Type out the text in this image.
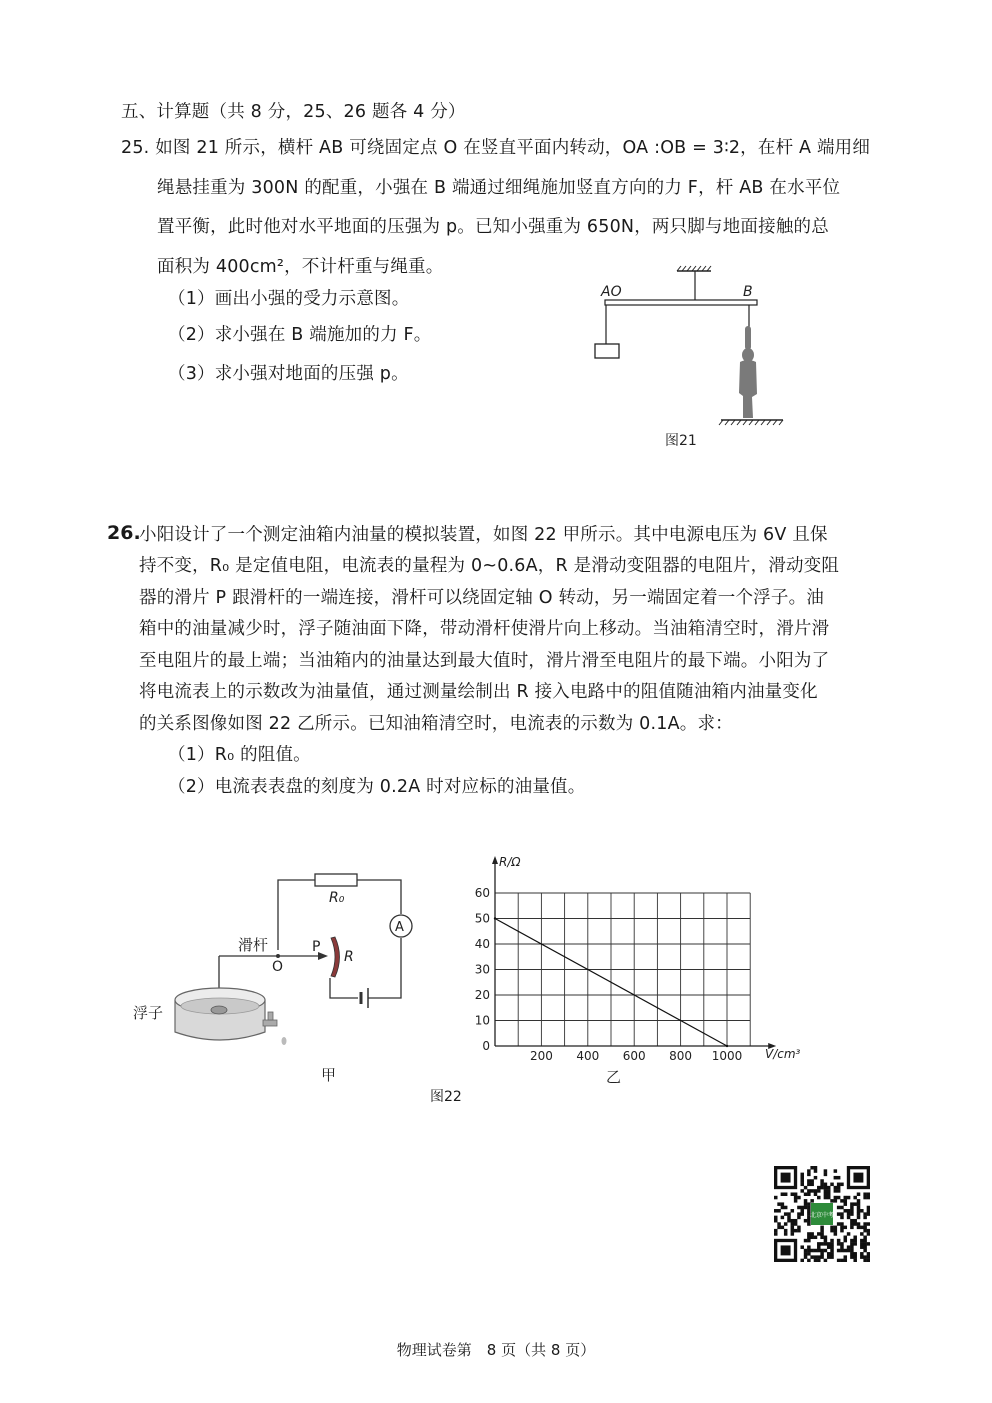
五、计算题（共 8 分，25、26 题各 4 分）
25. 如图 21 所示，横杆 AB 可绕固定点 O 在竖直平面内转动，OA :OB = 3∶2，在杆 A 端用细
绳悬挂重为 300N 的配重，小强在 B 端通过细绳施加竖直方向的力 F，杆 AB 在水平位
置平衡，此时他对水平地面的压强为 p。已知小强重为 650N，两只脚与地面接触的总
面积为 400cm²，不计杆重与绳重。
（1）画出小强的受力示意图。
（2）求小强在 B 端施加的力 F。
（3）求小强对地面的压强 p。
AO	B
图21
26.
小阳设计了一个测定油箱内油量的模拟装置，如图 22 甲所示。其中电源电压为 6V 且保
持不变，R₀ 是定值电阻，电流表的量程为 0~0.6A，R 是滑动变阻器的电阻片，滑动变阻
器的滑片 P 跟滑杆的一端连接，滑杆可以绕固定轴 O 转动，另一端固定着一个浮子。油
箱中的油量减少时，浮子随油面下降，带动滑杆使滑片向上移动。当油箱清空时，滑片滑
至电阻片的最上端；当油箱内的油量达到最大值时，滑片滑至电阻片的最下端。小阳为了
将电流表上的示数改为油量值，通过测量绘制出 R 接入电路中的阻值随油箱内油量变化
的关系图像如图 22 乙所示。已知油箱清空时，电流表的示数为 0.1A。求：
（1）R₀ 的阻值。
（2）电流表表盘的刻度为 0.2A 时对应标的油量值。
R₀
A
P
R
滑杆
O
浮子
甲
200 400 600 800 1000
10
20
30
40
50
60
0
R/Ω
V/cm³
乙
图22
北京中考
物理试卷第　8 页（共 8 页）
